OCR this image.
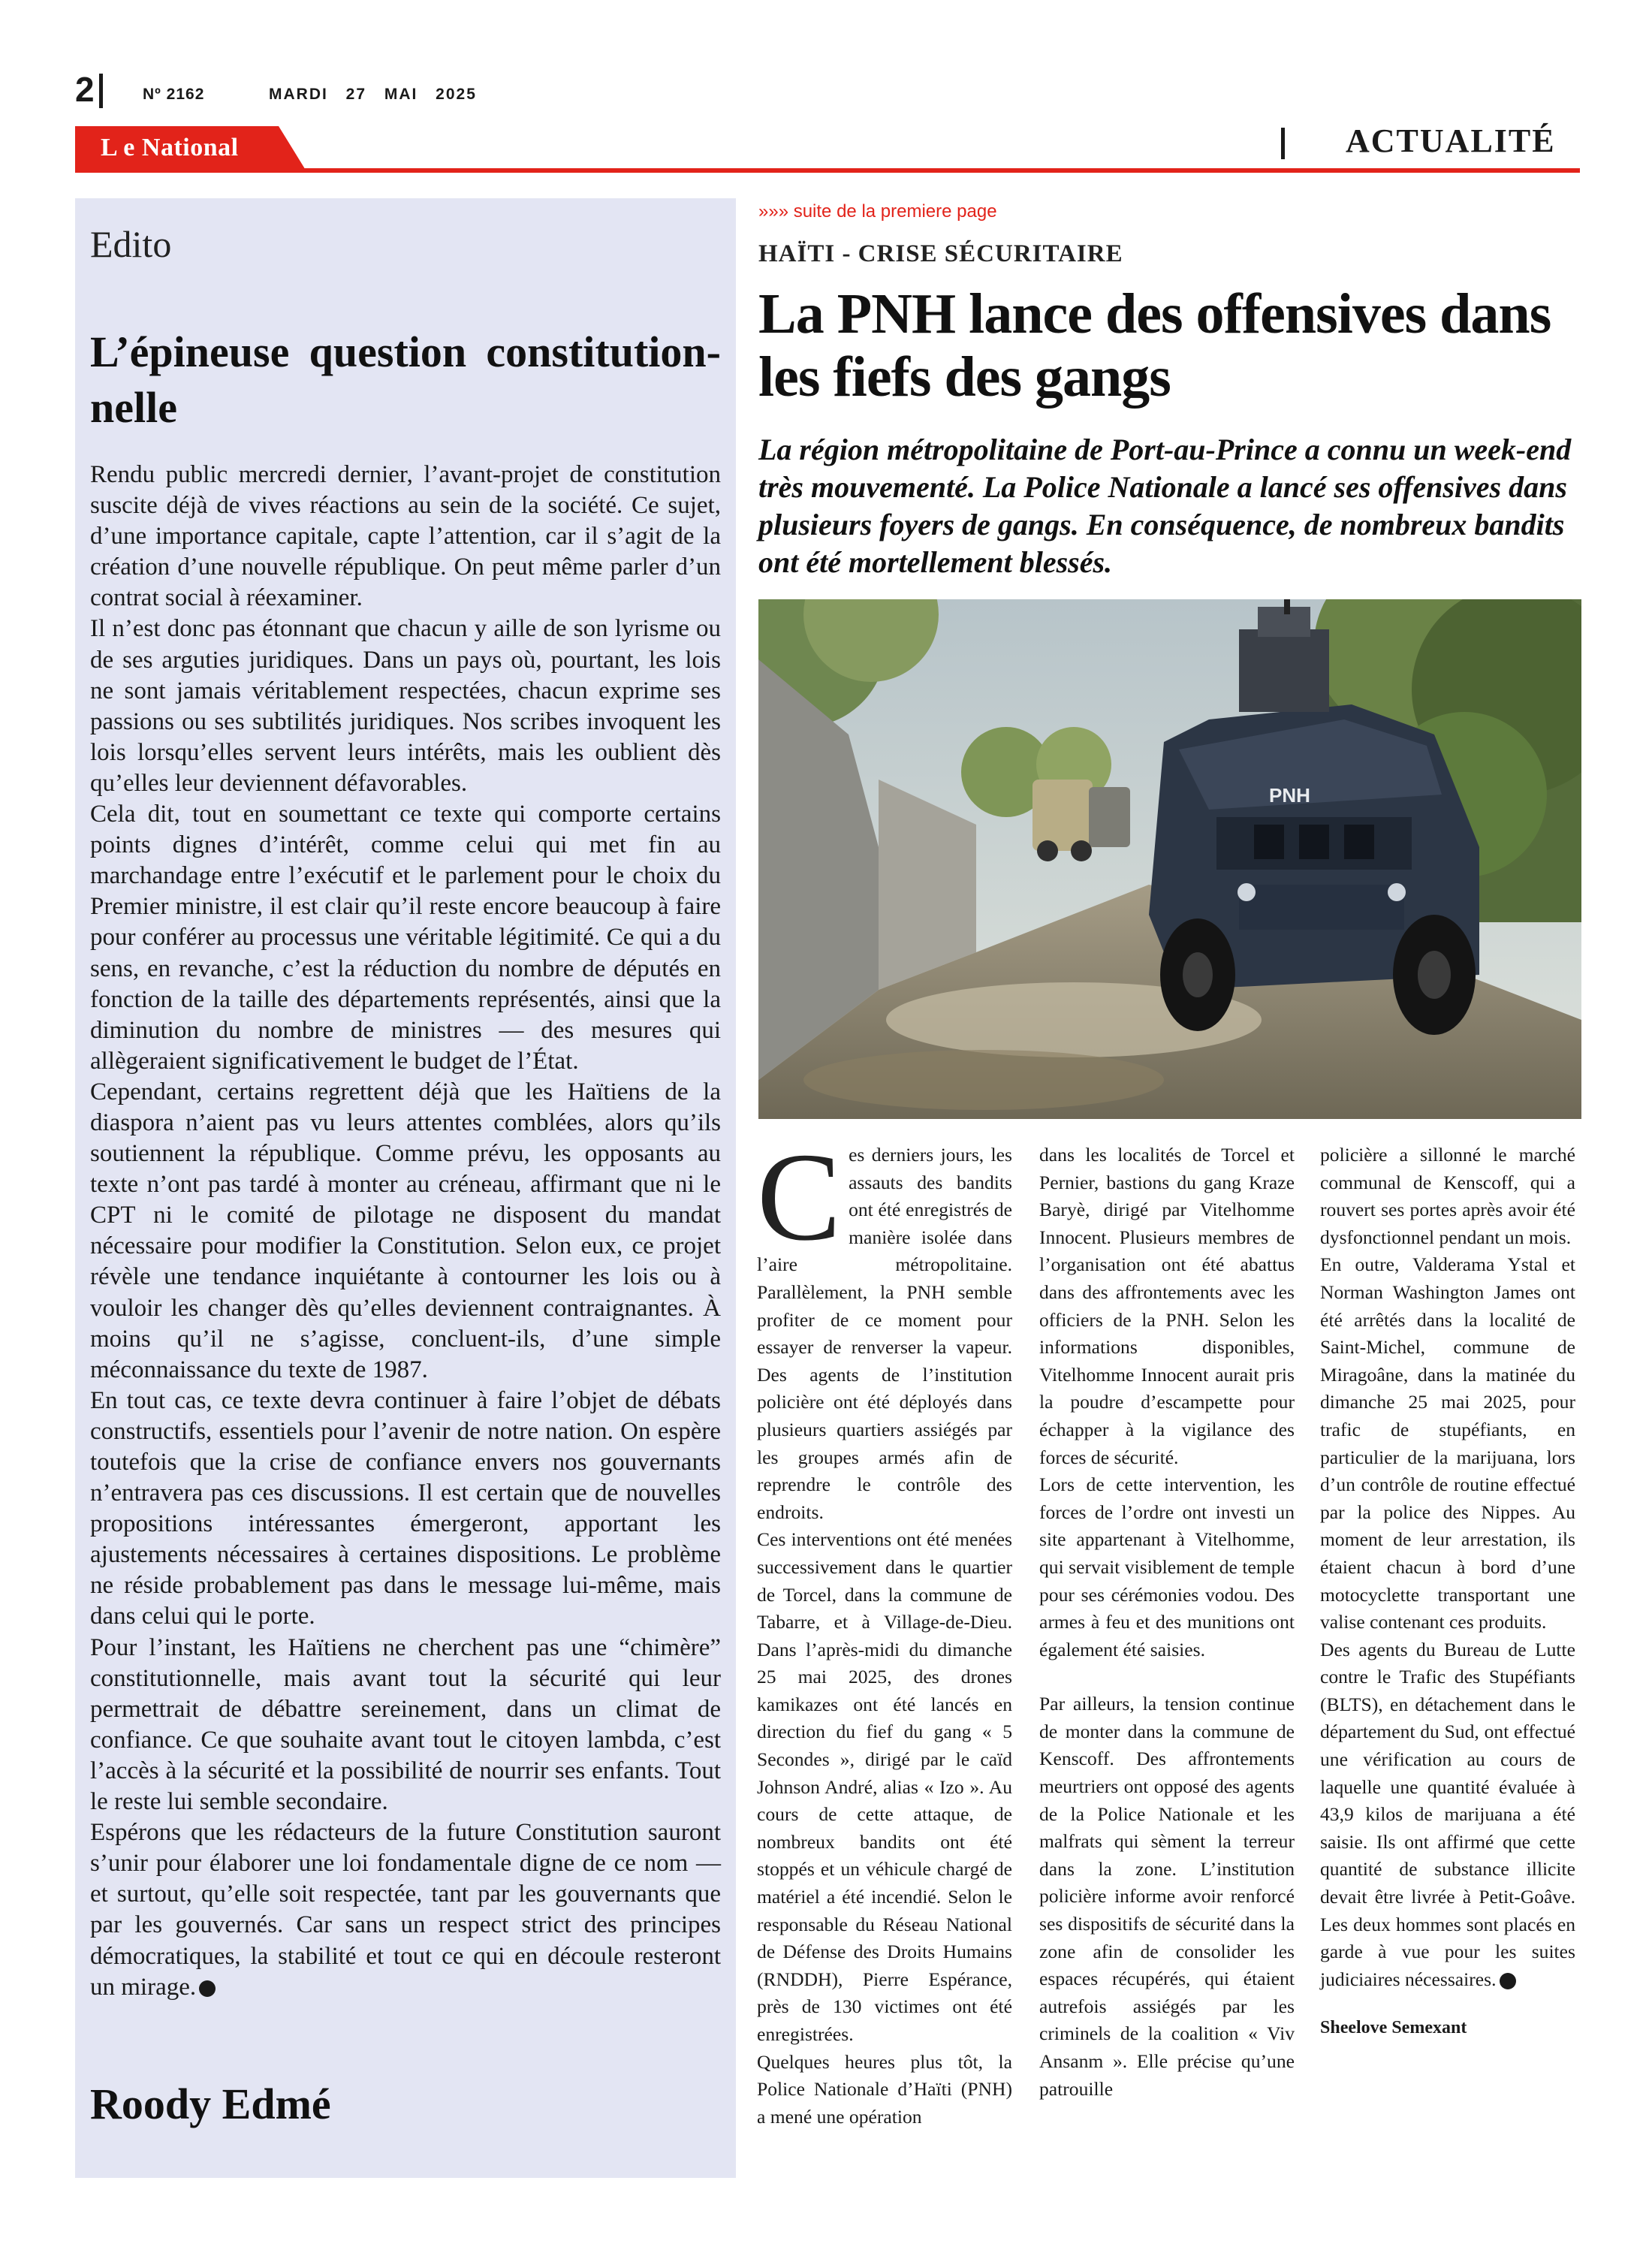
2	Nº 2162	MARDI 27 MAI 2025
L e National	ACTUALITÉ
Edito
L’épineuse question constitution-nelle

Rendu public mercredi dernier, l’avant-projet de constitution suscite déjà de vives réactions au sein de la société. Ce sujet, d’une importance capitale, capte l’attention, car il s’agit de la création d’une nouvelle république. On peut même parler d’un contrat social à réexaminer.

Il n’est donc pas étonnant que chacun y aille de son lyrisme ou de ses arguties juridiques. Dans un pays où, pourtant, les lois ne sont jamais véritablement respectées, chacun exprime ses passions ou ses subtilités juridiques. Nos scribes invoquent les lois lorsqu’elles servent leurs intérêts, mais les oublient dès qu’elles leur deviennent défavorables.

Cela dit, tout en soumettant ce texte qui comporte certains points dignes d’intérêt, comme celui qui met fin au marchandage entre l’exécutif et le parlement pour le choix du Premier ministre, il est clair qu’il reste encore beaucoup à faire pour conférer au processus une véritable légitimité. Ce qui a du sens, en revanche, c’est la réduction du nombre de députés en fonction de la taille des départements représentés, ainsi que la diminution du nombre de ministres — des mesures qui allègeraient significativement le budget de l’État.

Cependant, certains regrettent déjà que les Haïtiens de la diaspora n’aient pas vu leurs attentes comblées, alors qu’ils soutiennent la république. Comme prévu, les opposants au texte n’ont pas tardé à monter au créneau, affirmant que ni le CPT ni le comité de pilotage ne disposent du mandat nécessaire pour modifier la Constitution. Selon eux, ce projet révèle une tendance inquiétante à contourner les lois ou à vouloir les changer dès qu’elles deviennent contraignantes. À moins qu’il ne s’agisse, concluent-ils, d’une simple méconnaissance du texte de 1987.

En tout cas, ce texte devra continuer à faire l’objet de débats constructifs, essentiels pour l’avenir de notre nation. On espère toutefois que la crise de confiance envers nos gouvernants n’entravera pas ces discussions. Il est certain que de nouvelles propositions intéressantes émergeront, apportant les ajustements nécessaires à certaines dispositions. Le problème ne réside probablement pas dans le message lui-même, mais dans celui qui le porte.

Pour l’instant, les Haïtiens ne cherchent pas une “chimère” constitutionnelle, mais avant tout la sécurité qui leur permettrait de débattre sereinement, dans un climat de confiance. Ce que souhaite avant tout le citoyen lambda, c’est l’accès à la sécurité et la possibilité de nourrir ses enfants. Tout le reste lui semble secondaire.

Espérons que les rédacteurs de la future Constitution sauront s’unir pour élaborer une loi fondamentale digne de ce nom — et surtout, qu’elle soit respectée, tant par les gouvernants que par les gouvernés. Car sans un respect strict des principes démocratiques, la stabilité et tout ce qui en découle resteront un mirage.

Roody Edmé
»»» suite de la premiere page
HAÏTI - CRISE SÉCURITAIRE
La PNH lance des offensives dans les fiefs des gangs
La région métropolitaine de Port-au-Prince a connu un week-end très mouvementé. La Police Nationale a lancé ses offensives dans plusieurs foyers de gangs. En conséquence, de nombreux bandits ont été mortellement blessés.
PNH

Ces derniers jours, les assauts des bandits ont été enregistrés de manière isolée dans l’aire métropolitaine. Parallèlement, la PNH semble profiter de ce moment pour essayer de renverser la vapeur. Des agents de l’institution policière ont été déployés dans plusieurs quartiers assiégés par les groupes armés afin de reprendre le contrôle des endroits.

Ces interventions ont été menées successivement dans le quartier de Torcel, dans la commune de Tabarre, et à Village-de-Dieu. Dans l’après-midi du dimanche 25 mai 2025, des drones kamikazes ont été lancés en direction du fief du gang « 5 Secondes », dirigé par le caïd Johnson André, alias « Izo ». Au cours de cette attaque, de nombreux bandits ont été stoppés et un véhicule chargé de matériel a été incendié. Selon le responsable du Réseau National de Défense des Droits Humains (RNDDH), Pierre Espérance, près de 130 victimes ont été enregistrées.

Quelques heures plus tôt, la Police Nationale d’Haïti (PNH) a mené une opération

dans les localités de Torcel et Pernier, bastions du gang Kraze Baryè, dirigé par Vitelhomme Innocent. Plusieurs membres de l’organisation ont été abattus dans des affrontements avec les officiers de la PNH. Selon les informations disponibles, Vitelhomme Innocent aurait pris la poudre d’escampette pour échapper à la vigilance des forces de sécurité.

Lors de cette intervention, les forces de l’ordre ont investi un site appartenant à Vitelhomme, qui servait visiblement de temple pour ses cérémonies vodou. Des armes à feu et des munitions ont également été saisies.

Par ailleurs, la tension continue de monter dans la commune de Kenscoff. Des affrontements meurtriers ont opposé des agents de la Police Nationale et les malfrats qui sèment la terreur dans la zone. L’institution policière informe avoir renforcé ses dispositifs de sécurité dans la zone afin de consolider les espaces récupérés, qui étaient autrefois assiégés par les criminels de la coalition « Viv Ansanm ». Elle précise qu’une patrouille

policière a sillonné le marché communal de Kenscoff, qui a rouvert ses portes après avoir été dysfonctionnel pendant un mois.

En outre, Valderama Ystal et Norman Washington James ont été arrêtés dans la localité de Saint-Michel, commune de Miragoâne, dans la matinée du dimanche 25 mai 2025, pour trafic de stupéfiants, en particulier de la marijuana, lors d’un contrôle de routine effectué par la police des Nippes. Au moment de leur arrestation, ils étaient chacun à bord d’une motocyclette transportant une valise contenant ces produits.

Des agents du Bureau de Lutte contre le Trafic des Stupéfiants (BLTS), en détachement dans le département du Sud, ont effectué une vérification au cours de laquelle une quantité évaluée à 43,9 kilos de marijuana a été saisie. Ils ont affirmé que cette quantité de substance illicite devait être livrée à Petit-Goâve. Les deux hommes sont placés en garde à vue pour les suites judiciaires nécessaires.

Sheelove Semexant
